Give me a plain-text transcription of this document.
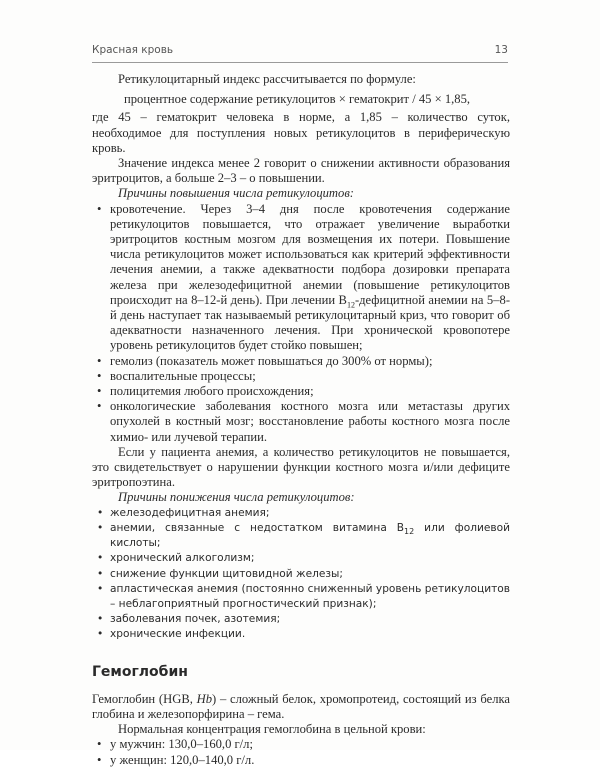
Красная кровь	13

Ретикулоцитарный индекс рассчитывается по формуле:

процентное содержание ретикулоцитов × гематокрит / 45 × 1,85,

где 45 – гематокрит человека в норме, а 1,85 – количество суток, необходимое для поступления новых ретикулоцитов в периферическую кровь.

Значение индекса менее 2 говорит о снижении активности образования эритроцитов, а больше 2–3 – о повышении.

Причины повышения числа ретикулоцитов:

• кровотечение. Через 3–4 дня после кровотечения содержание ретикулоцитов повышается, что отражает увеличение выработки эритроцитов костным мозгом для возмещения их потери. Повышение числа ретикулоцитов может использоваться как критерий эффективности лечения анемии, а также адекватности подбора дозировки препарата железа при железодефицитной анемии (повышение ретикулоцитов происходит на 8–12-й день). При лечении $B_{12}$-дефицитной анемии на 5–8-й день наступает так называемый ретикулоцитарный криз, что говорит об адекватности назначенного лечения. При хронической кровопотере уровень ретикулоцитов будет стойко повышен;
• гемолиз (показатель может повышаться до 300% от нормы);
• воспалительные процессы;
• полицитемия любого происхождения;
• онкологические заболевания костного мозга или метастазы других опухолей в костный мозг; восстановление работы костного мозга после химио- или лучевой терапии.

Если у пациента анемия, а количество ретикулоцитов не повышается, это свидетельствует о нарушении функции костного мозга и/или дефиците эритропоэтина.

Причины понижения числа ретикулоцитов:

• железодефицитная анемия;
• анемии, связанные с недостатком витамина $B_{12}$ или фолиевой кислоты;
• хронический алкоголизм;
• снижение функции щитовидной железы;
• апластическая анемия (постоянно сниженный уровень ретикулоцитов – неблагоприятный прогностический признак);
• заболевания почек, азотемия;
• хронические инфекции.
Гемоглобин

Гемоглобин (HGB, Hb) – сложный белок, хромопротеид, состоящий из белка глобина и железопорфирина – гема.

Нормальная концентрация гемоглобина в цельной крови:

• у мужчин: 130,0–160,0 г/л;
• у женщин: 120,0–140,0 г/л.
